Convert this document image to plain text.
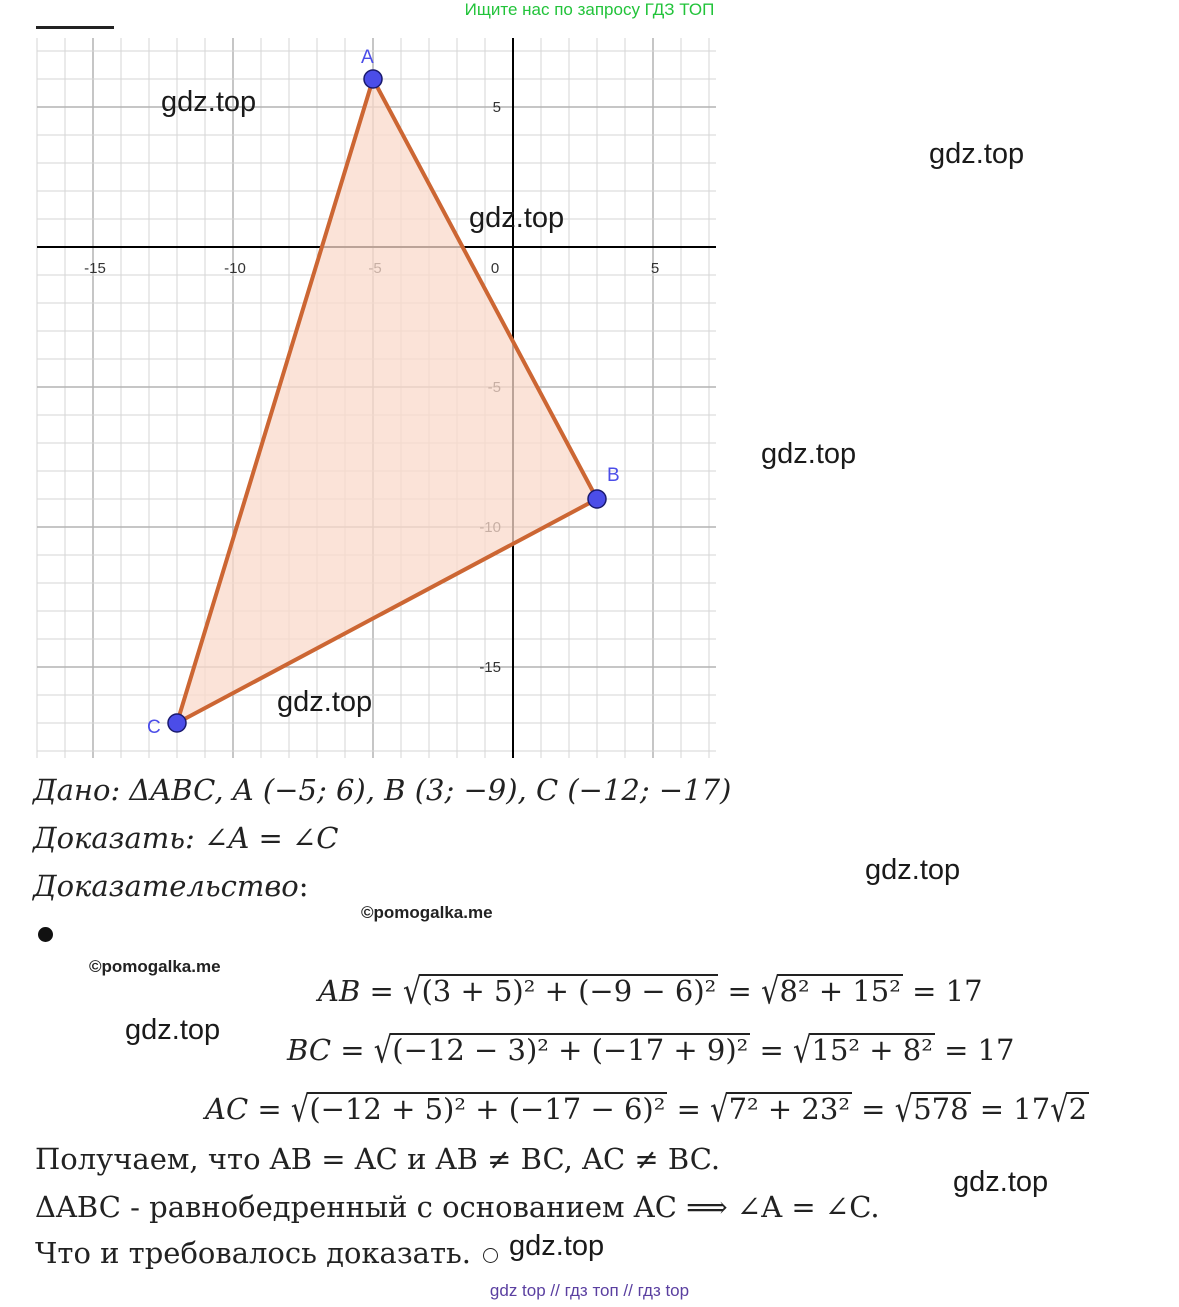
Ищите нас по запросу ГДЗ ТОП
-15	-10	0	5
5
-15
A
B
C
gdz.top
gdz.top
gdz.top
gdz.top
gdz.top
gdz.top
gdz.top
gdz.top
gdz.top
©pomogalka.me
©pomogalka.me
Дано: ΔABC, A (−5; 6), B (3; −9), C (−12; −17)
Доказать: ∠A = ∠C
Доказательство:
AB = √(3 + 5)² + (−9 − 6)² = √8² + 15² = 17
BC = √(−12 − 3)² + (−17 + 9)² = √15² + 8² = 17
AC = √(−12 + 5)² + (−17 − 6)² = √7² + 23² = √578 = 17√2
Получаем, что AB = AC и AB ≠ BC, AC ≠ BC.
ΔABC - равнобедренный с основанием AC ⟹ ∠A = ∠C.
Что и требовалось доказать.
gdz top // гдз топ // гдз top
